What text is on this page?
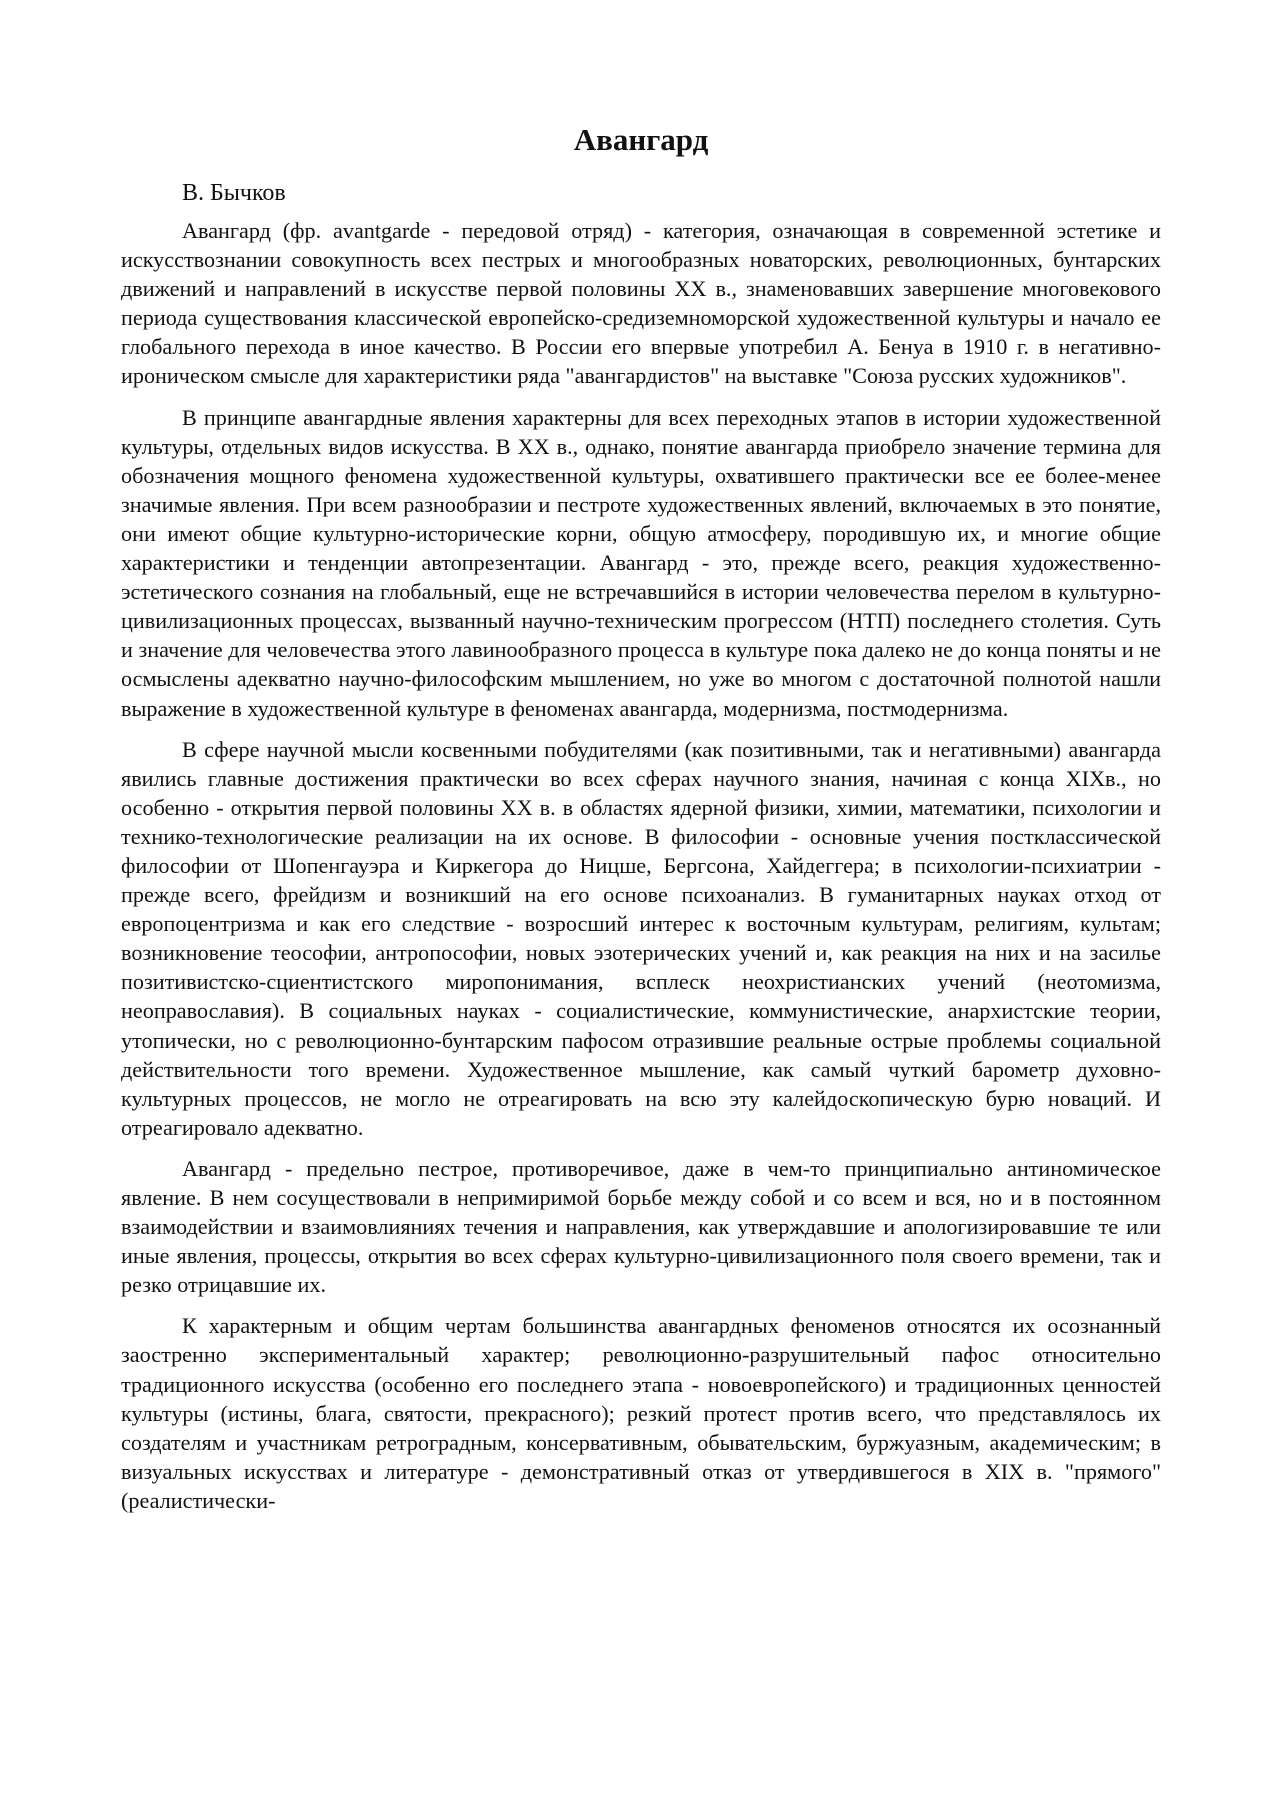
Авангард
В. Бычков

Авангард (фр. avantgarde - передовой отряд) - категория, означающая в современной эстетике и искусствознании совокупность всех пестрых и многообразных новаторских, революционных, бунтарских движений и направлений в искусстве первой половины XX в., знаменовавших завершение многовекового периода существования классической европейско-средиземноморской художественной культуры и начало ее глобального перехода в иное качество. В России его впервые употребил А. Бенуа в 1910 г. в негативно-ироническом смысле для характеристики ряда "авангардистов" на выставке "Союза русских художников".

В принципе авангардные явления характерны для всех переходных этапов в истории художественной культуры, отдельных видов искусства. В XX в., однако, понятие авангарда приобрело значение термина для обозначения мощного феномена художественной культуры, охватившего практически все ее более-менее значимые явления. При всем разнообразии и пестроте художественных явлений, включаемых в это понятие, они имеют общие культурно-исторические корни, общую атмосферу, породившую их, и многие общие характеристики и тенденции автопрезентации. Авангард - это, прежде всего, реакция художественно-эстетического сознания на глобальный, еще не встречавшийся в истории человечества перелом в культурно-цивилизационных процессах, вызванный научно-техническим прогрессом (НТП) последнего столетия. Суть и значение для человечества этого лавинообразного процесса в культуре пока далеко не до конца поняты и не осмыслены адекватно научно-философским мышлением, но уже во многом с достаточной полнотой нашли выражение в художественной культуре в феноменах авангарда, модернизма, постмодернизма.

В сфере научной мысли косвенными побудителями (как позитивными, так и негативными) авангарда явились главные достижения практически во всех сферах научного знания, начиная с конца XIXв., но особенно - открытия первой половины XX в. в областях ядерной физики, химии, математики, психологии и технико-технологические реализации на их основе. В философии - основные учения постклассической философии от Шопенгауэра и Киркегора до Ницше, Бергсона, Хайдеггера; в психологии-психиатрии - прежде всего, фрейдизм и возникший на его основе психоанализ. В гуманитарных науках отход от европоцентризма и как его следствие - возросший интерес к восточным культурам, религиям, культам; возникновение теософии, антропософии, новых эзотерических учений и, как реакция на них и на засилье позитивистско-сциентистского миропонимания, всплеск неохристианских учений (неотомизма, неоправославия). В социальных науках - социалистические, коммунистические, анархистские теории, утопически, но с революционно-бунтарским пафосом отразившие реальные острые проблемы социальной действительности того времени. Художественное мышление, как самый чуткий барометр духовно-культурных процессов, не могло не отреагировать на всю эту калейдоскопическую бурю новаций. И отреагировало адекватно.

Авангард - предельно пестрое, противоречивое, даже в чем-то принципиально антиномическое явление. В нем сосуществовали в непримиримой борьбе между собой и со всем и вся, но и в постоянном взаимодействии и взаимовлияниях течения и направления, как утверждавшие и апологизировавшие те или иные явления, процессы, открытия во всех сферах культурно-цивилизационного поля своего времени, так и резко отрицавшие их.

К характерным и общим чертам большинства авангардных феноменов относятся их осознанный заостренно экспериментальный характер; революционно-разрушительный пафос относительно традиционного искусства (особенно его последнего этапа - новоевропейского) и традиционных ценностей культуры (истины, блага, святости, прекрасного); резкий протест против всего, что представлялось их создателям и участникам ретроградным, консервативным, обывательским, буржуазным, академическим; в визуальных искусствах и литературе - демонстративный отказ от утвердившегося в XIX в. "прямого" (реалистически-
